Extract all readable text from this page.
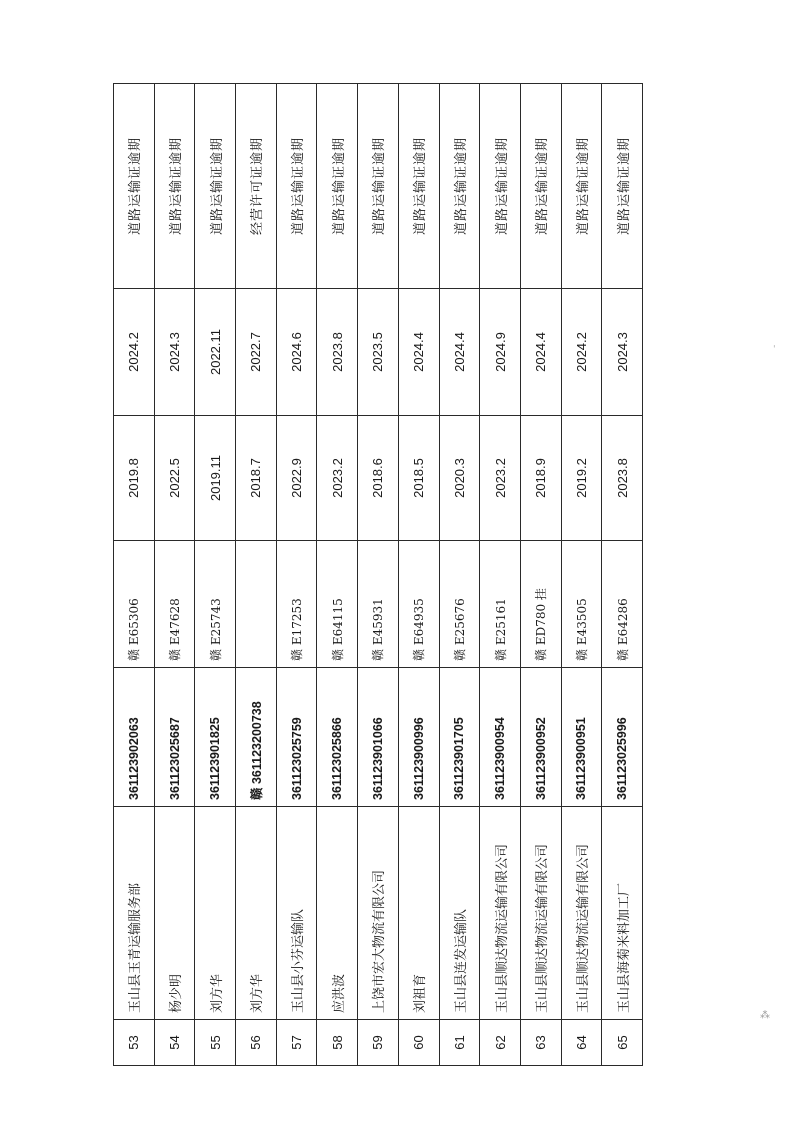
53	玉山县玉青运输服务部	361123902063	赣 E65306	2019.8	2024.2	道路运输证逾期
54	杨少明	361123025687	赣 E47628	2022.5	2024.3	道路运输证逾期
55	刘方华	361123901825	赣 E25743	2019.11	2022.11	道路运输证逾期
56	刘方华	赣 361123200738		2018.7	2022.7	经营许可证逾期
57	玉山县小芬运输队	361123025759	赣 E17253	2022.9	2024.6	道路运输证逾期
58	应洪波	361123025866	赣 E64115	2023.2	2023.8	道路运输证逾期
59	上饶市宏大物流有限公司	361123901066	赣 E45931	2018.6	2023.5	道路运输证逾期
60	刘祖育	361123900996	赣 E64935	2018.5	2024.4	道路运输证逾期
61	玉山县连发运输队	361123901705	赣 E25676	2020.3	2024.4	道路运输证逾期
62	玉山县顺达物流运输有限公司	361123900954	赣 E25161	2023.2	2024.9	道路运输证逾期
63	玉山县顺达物流运输有限公司	361123900952	赣 ED780 挂	2018.9	2024.4	道路运输证逾期
64	玉山县顺达物流运输有限公司	361123900951	赣 E43505	2019.2	2024.2	道路运输证逾期
65	玉山县海菊米料加工厂	361123025996	赣 E64286	2023.8	2024.3	道路运输证逾期
⁂
ˈ
